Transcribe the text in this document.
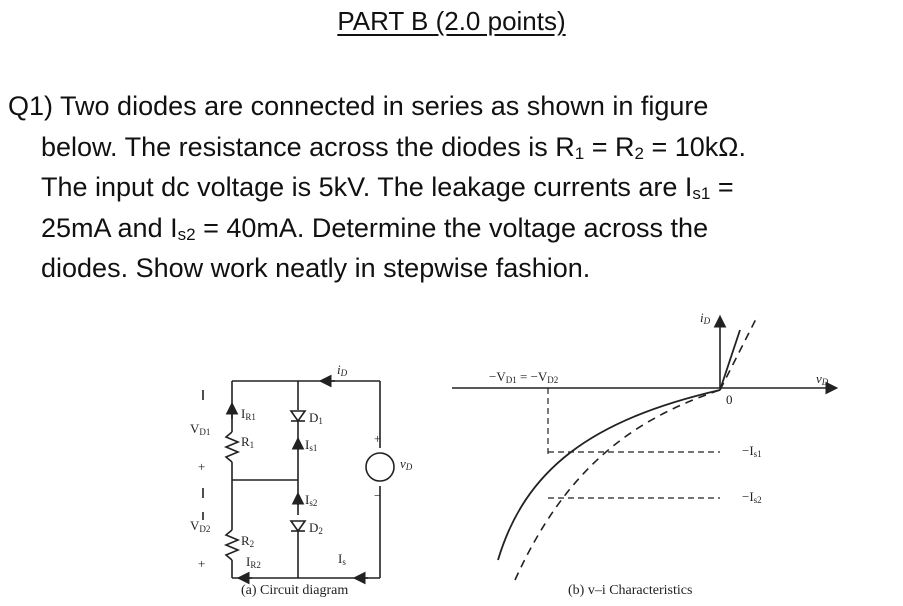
PART B (2.0 points)
Q1) Two diodes are connected in series as shown in figure
below. The resistance across the diodes is $R_1 = R_2 = 10k\Omega$.
The input dc voltage is 5kV. The leakage currents are $I_{s1}$ =
25mA and $I_{s2} = 40mA$. Determine the voltage across the
diodes. Show work neatly in stepwise fashion.
VD1
VD2
+
+
IR1
R1
R2
IR2
D1
D2
Is1
Is2
Is
iD
vD
+
−
(a) Circuit diagram
−VD1 = −VD2
0
−Is1
−Is2
iD
vD
(b) v–i Characteristics
